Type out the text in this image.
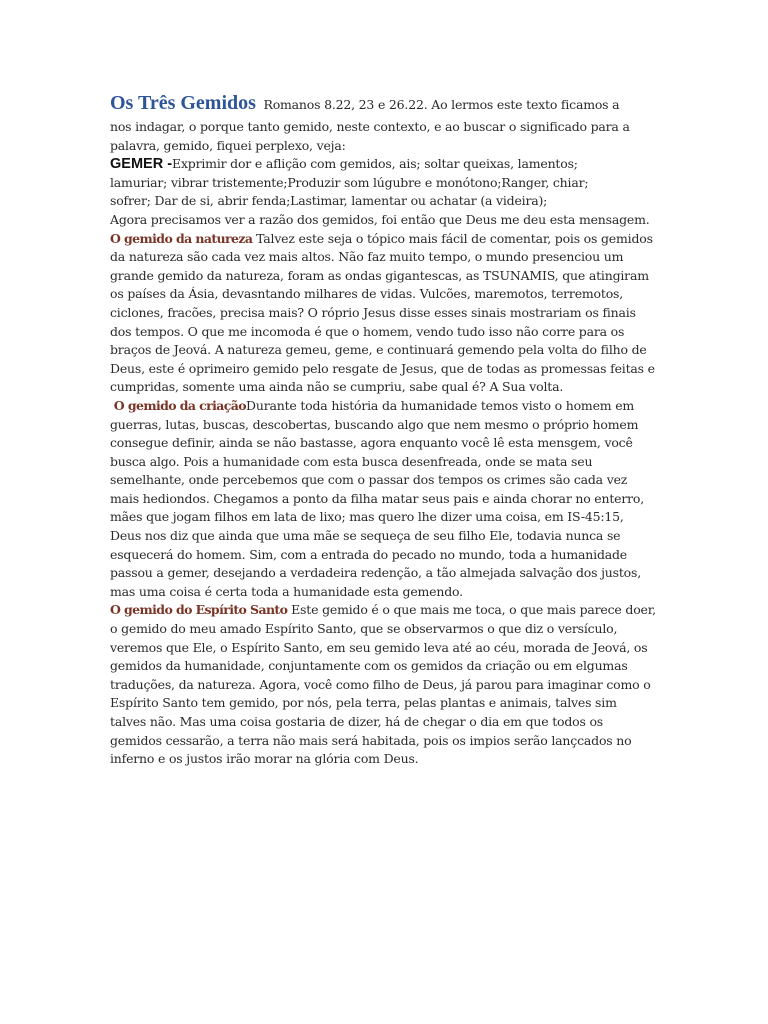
Os Três Gemidos Romanos 8.22, 23 e 26.22. Ao lermos este texto ficamos a
nos indagar, o porque tanto gemido, neste contexto, e ao buscar o significado para a
palavra, gemido, fiquei perplexo, veja:
GEMER -Exprimir dor e aflição com gemidos, ais; soltar queixas, lamentos;
lamuriar; vibrar tristemente;Produzir som lúgubre e monótono;Ranger, chiar;
sofrer; Dar de si, abrir fenda;Lastimar, lamentar ou achatar (a videira);
Agora precisamos ver a razão dos gemidos, foi então que Deus me deu esta mensagem.
O gemido da natureza Talvez este seja o tópico mais fácil de comentar, pois os gemidos
da natureza são cada vez mais altos. Não faz muito tempo, o mundo presenciou um
grande gemido da natureza, foram as ondas gigantescas, as TSUNAMIS, que atingiram
os países da Ásia, devasntando milhares de vidas. Vulcões, maremotos, terremotos,
ciclones, fracões, precisa mais? O róprio Jesus disse esses sinais mostrariam os finais
dos tempos. O que me incomoda é que o homem, vendo tudo isso não corre para os
braços de Jeová. A natureza gemeu, geme, e continuará gemendo pela volta do filho de
Deus, este é oprimeiro gemido pelo resgate de Jesus, que de todas as promessas feitas e
cumpridas, somente uma ainda não se cumpriu, sabe qual é? A Sua volta.
O gemido da criaçãoDurante toda história da humanidade temos visto o homem em
guerras, lutas, buscas, descobertas, buscando algo que nem mesmo o próprio homem
consegue definir, ainda se não bastasse, agora enquanto você lê esta mensgem, você
busca algo. Pois a humanidade com esta busca desenfreada, onde se mata seu
semelhante, onde percebemos que com o passar dos tempos os crimes são cada vez
mais hediondos. Chegamos a ponto da filha matar seus pais e ainda chorar no enterro,
mães que jogam filhos em lata de lixo; mas quero lhe dizer uma coisa, em IS-45:15,
Deus nos diz que ainda que uma mãe se sequeça de seu filho Ele, todavia nunca se
esquecerá do homem. Sim, com a entrada do pecado no mundo, toda a humanidade
passou a gemer, desejando a verdadeira redenção, a tão almejada salvação dos justos,
mas uma coisa é certa toda a humanidade esta gemendo.
O gemido do Espírito Santo Este gemido é o que mais me toca, o que mais parece doer,
o gemido do meu amado Espírito Santo, que se observarmos o que diz o versículo,
veremos que Ele, o Espírito Santo, em seu gemido leva até ao céu, morada de Jeová, os
gemidos da humanidade, conjuntamente com os gemidos da criação ou em elgumas
traduções, da natureza. Agora, você como filho de Deus, já parou para imaginar como o
Espírito Santo tem gemido, por nós, pela terra, pelas plantas e animais, talves sim
talves não. Mas uma coisa gostaria de dizer, há de chegar o dia em que todos os
gemidos cessarão, a terra não mais será habitada, pois os impios serão lançcados no
inferno e os justos irão morar na glória com Deus.
